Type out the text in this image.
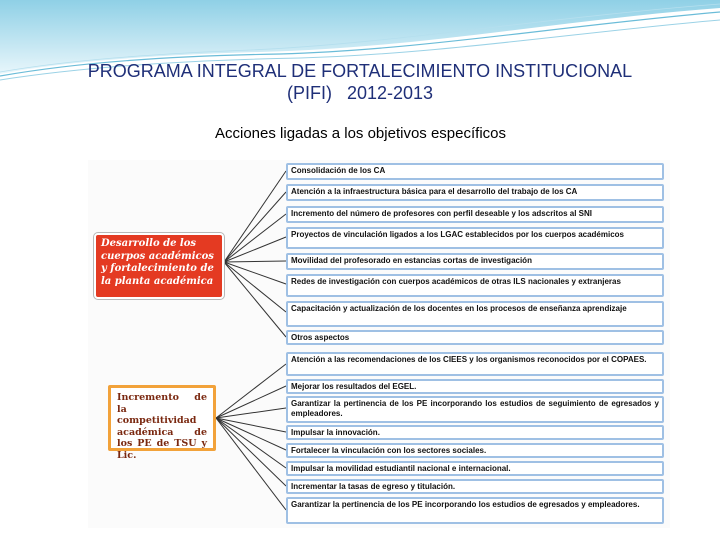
PROGRAMA INTEGRAL DE FORTALECIMIENTO INSTITUCIONAL
(PIFI)   2012-2013
Acciones ligadas a los objetivos específicos
Desarrollo de los cuerpos académicos y fortalecimiento de la planta académica
Incremento de la competitividad académica de los PE de TSU y Lic.
Consolidación de los CA
Atención a la infraestructura básica para el desarrollo del trabajo de los CA
Incremento del número de profesores con perfil deseable y los adscritos al SNI
Proyectos de vinculación ligados a los LGAC establecidos por los cuerpos académicos
Movilidad del profesorado en estancias cortas de investigación
Redes de investigación con cuerpos académicos de otras ILS nacionales y extranjeras
Capacitación y actualización de los docentes en los procesos de enseñanza aprendizaje
Otros aspectos
Atención a las recomendaciones de los CIEES y los organismos reconocidos por el COPAES.
Mejorar los resultados del EGEL.
Garantizar la pertinencia de los PE incorporando los estudios de seguimiento de egresados y empleadores.
Impulsar la innovación.
Fortalecer la vinculación con los sectores sociales.
Impulsar la movilidad estudiantil nacional e internacional.
Incrementar la tasas de egreso y titulación.
Garantizar la pertinencia de los PE incorporando los estudios de egresados y empleadores.
